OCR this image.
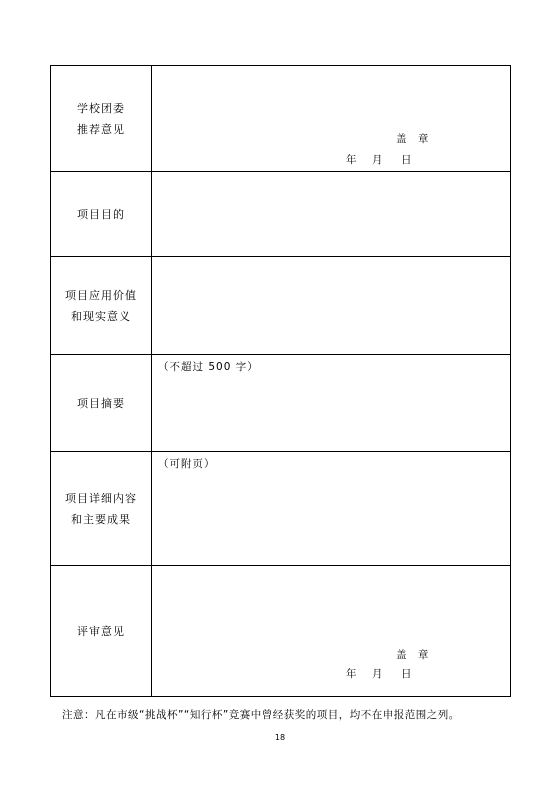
学校团委
推荐意见
盖 章
年 月 日
项目目的
项目应用价值
和现实意义
项目摘要
（不超过 500 字）
项目详细内容
和主要成果
（可附页）
评审意见
盖 章
年 月 日
注意：凡在市级“挑战杯”“知行杯”竞赛中曾经获奖的项目，均不在申报范围之列。
18
